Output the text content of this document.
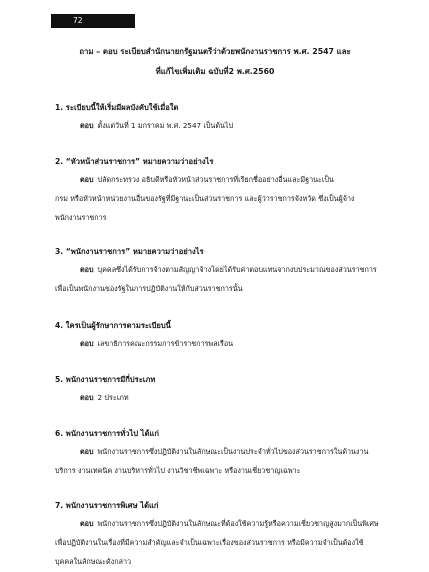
72
ถาม – ตอบ ระเบียบสำนักนายกรัฐมนตรีว่าด้วยพนักงานราชการ พ.ศ. 2547 และ
ที่แก้ไขเพิ่มเติม ฉบับที่2 พ.ศ.2560
1. ระเบียบนี้ให้เริ่มมีผลบังคับใช้เมื่อใด
ตอบ ตั้งแต่วันที่ 1 มกราคม พ.ศ. 2547 เป็นต้นไป
2. “หัวหน้าส่วนราชการ” หมายความว่าอย่างไร
ตอบ ปลัดกระทรวง อธิบดีหรือหัวหน้าส่วนราชการที่เรียกชื่ออย่างอื่นและมีฐานะเป็น
กรม หรือหัวหน้าหน่วยงานอื่นของรัฐที่มีฐานะเป็นส่วนราชการ และผู้ว่าราชการจังหวัด ซึ่งเป็นผู้จ้าง
พนักงานราชการ
3. “พนักงานราชการ” หมายความว่าอย่างไร
ตอบ บุคคลซึ่งได้รับการจ้างตามสัญญาจ้างโดยได้รับค่าตอบแทนจากงบประมาณของส่วนราชการ
เพื่อเป็นพนักงานของรัฐในการปฏิบัติงานให้กับส่วนราชการนั้น
4. ใครเป็นผู้รักษาการตามระเบียบนี้
ตอบ เลขาธิการคณะกรรมการข้าราชการพลเรือน
5. พนักงานราชการมีกี่ประเภท
ตอบ 2 ประเภท
6. พนักงานราชการทั่วไป ได้แก่
ตอบ พนักงานราชการซึ่งปฏิบัติงานในลักษณะเป็นงานประจำทั่วไปของส่วนราชการในด้านงาน
บริการ งานเทคนิค งานบริหารทั่วไป งานวิชาชีพเฉพาะ หรืองานเชี่ยวชาญเฉพาะ
7. พนักงานราชการพิเศษ ได้แก่
ตอบ พนักงานราชการซึ่งปฏิบัติงานในลักษณะที่ต้องใช้ความรู้หรือความเชี่ยวชาญสูงมากเป็นพิเศษ
เพื่อปฏิบัติงานในเรื่องที่มีความสำคัญและจำเป็นเฉพาะเรื่องของส่วนราชการ หรือมีความจำเป็นต้องใช้
บุคคลในลักษณะดังกล่าว
